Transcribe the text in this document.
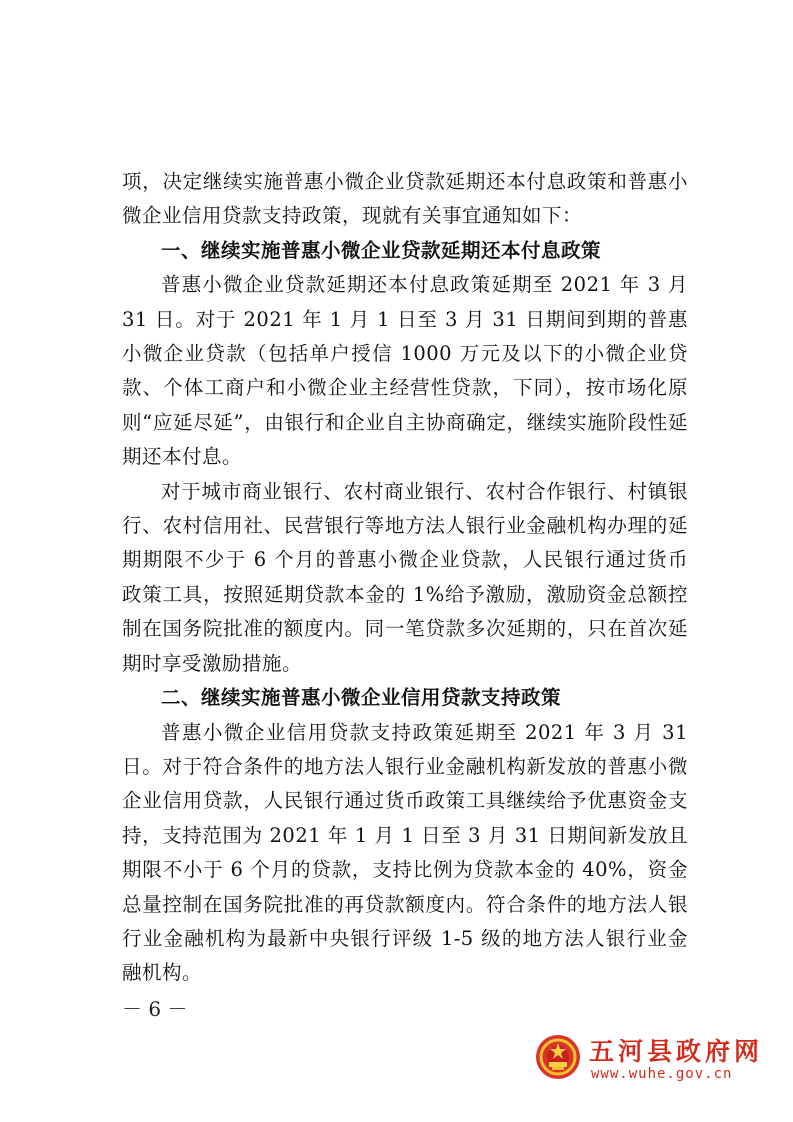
项，决定继续实施普惠小微企业贷款延期还本付息政策和普惠小微企业信用贷款支持政策，现就有关事宜通知如下：

一、继续实施普惠小微企业贷款延期还本付息政策

普惠小微企业贷款延期还本付息政策延期至 2021 年 3 月 31 日。对于 2021 年 1 月 1 日至 3 月 31 日期间到期的普惠小微企业贷款（包括单户授信 1000 万元及以下的小微企业贷款、个体工商户和小微企业主经营性贷款，下同），按市场化原则“应延尽延”，由银行和企业自主协商确定，继续实施阶段性延期还本付息。

对于城市商业银行、农村商业银行、农村合作银行、村镇银行、农村信用社、民营银行等地方法人银行业金融机构办理的延期期限不少于 6 个月的普惠小微企业贷款，人民银行通过货币政策工具，按照延期贷款本金的 1%给予激励，激励资金总额控制在国务院批准的额度内。同一笔贷款多次延期的，只在首次延期时享受激励措施。

二、继续实施普惠小微企业信用贷款支持政策

普惠小微企业信用贷款支持政策延期至 2021 年 3 月 31 日。对于符合条件的地方法人银行业金融机构新发放的普惠小微企业信用贷款，人民银行通过货币政策工具继续给予优惠资金支持，支持范围为 2021 年 1 月 1 日至 3 月 31 日期间新发放且期限不小于 6 个月的贷款，支持比例为贷款本金的 40%，资金总量控制在国务院批准的再贷款额度内。符合条件的地方法人银行业金融机构为最新中央银行评级 1-5 级的地方法人银行业金融机构。

－ 6 －
五河县政府网
www.wuhe.gov.cn
